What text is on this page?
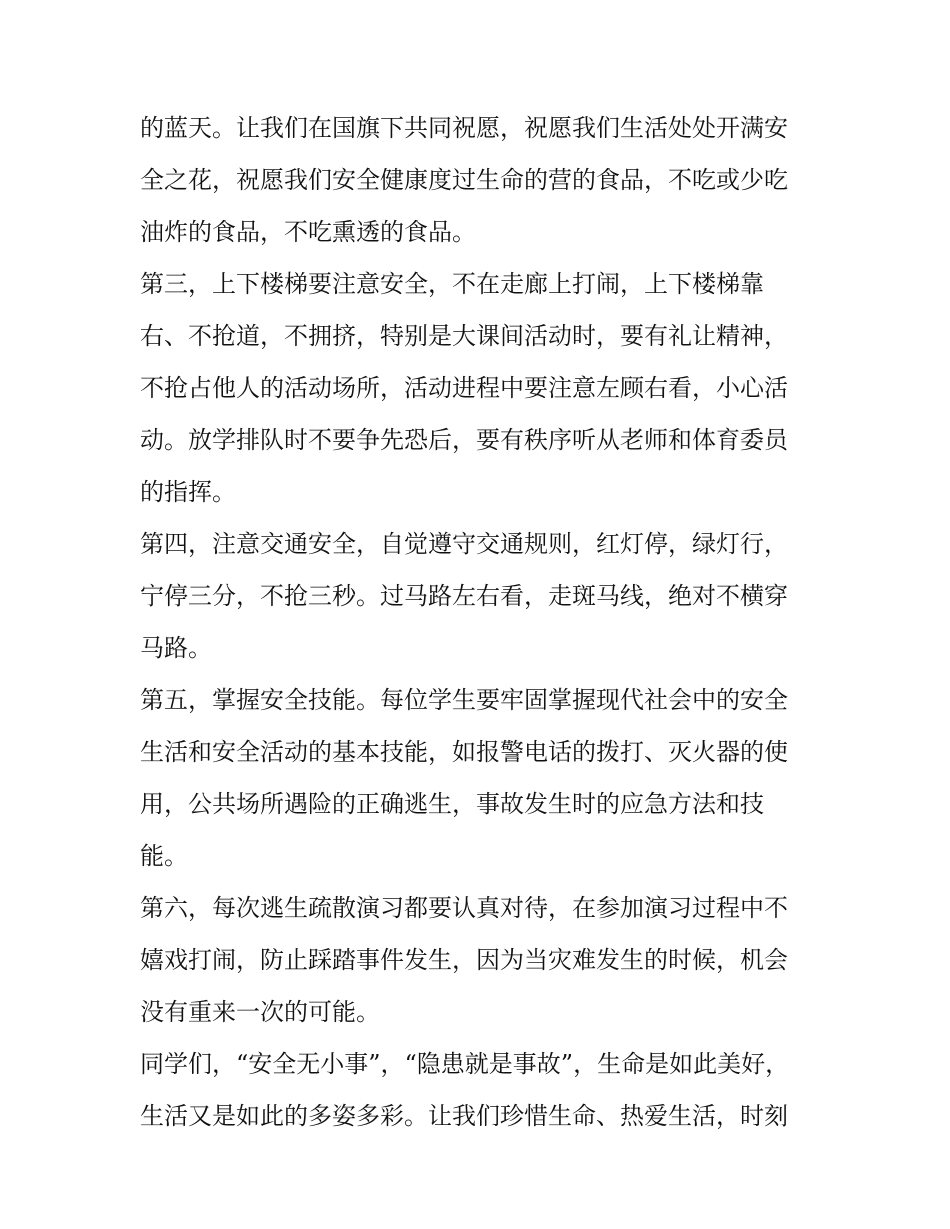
的蓝天。让我们在国旗下共同祝愿，祝愿我们生活处处开满安
全之花，祝愿我们安全健康度过生命的营的食品，不吃或少吃
油炸的食品，不吃熏透的食品。
第三，上下楼梯要注意安全，不在走廊上打闹，上下楼梯靠
右、不抢道，不拥挤，特别是大课间活动时，要有礼让精神，
不抢占他人的活动场所，活动进程中要注意左顾右看，小心活
动。放学排队时不要争先恐后，要有秩序听从老师和体育委员
的指挥。
第四，注意交通安全，自觉遵守交通规则，红灯停，绿灯行，
宁停三分，不抢三秒。过马路左右看，走斑马线，绝对不横穿
马路。
第五，掌握安全技能。每位学生要牢固掌握现代社会中的安全
生活和安全活动的基本技能，如报警电话的拨打、灭火器的使
用，公共场所遇险的正确逃生，事故发生时的应急方法和技
能。
第六，每次逃生疏散演习都要认真对待，在参加演习过程中不
嬉戏打闹，防止踩踏事件发生，因为当灾难发生的时候，机会
没有重来一次的可能。
同学们，“安全无小事”，“隐患就是事故”，生命是如此美好，
生活又是如此的多姿多彩。让我们珍惜生命、热爱生活，时刻
